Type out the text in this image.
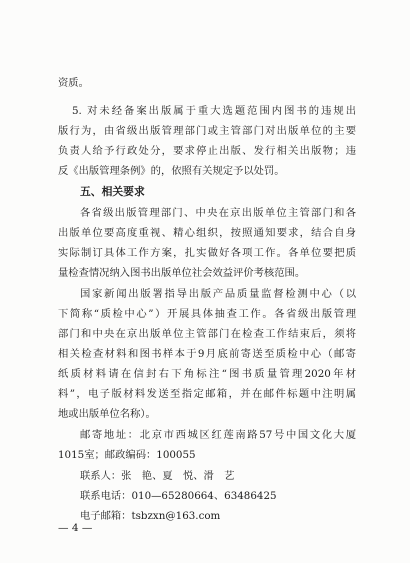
资质。
5. 对未经备案出版属于重大选题范围内图书的违规出
版行为，由省级出版管理部门或主管部门对出版单位的主要
负责人给予行政处分，要求停止出版、发行相关出版物；违
反《出版管理条例》的，依照有关规定予以处罚。
五、相关要求
各省级出版管理部门、中央在京出版单位主管部门和各
出版单位要高度重视、精心组织，按照通知要求，结合自身
实际制订具体工作方案，扎实做好各项工作。各单位要把质
量检查情况纳入图书出版单位社会效益评价考核范围。
国家新闻出版署指导出版产品质量监督检测中心（以
下简称“质检中心”）开展具体抽查工作。各省级出版管理
部门和中央在京出版单位主管部门在检查工作结束后，须将
相关检查材料和图书样本于9月底前寄送至质检中心（邮寄
纸质材料请在信封右下角标注“图书质量管理2020年材
料”，电子版材料发送至指定邮箱，并在邮件标题中注明属
地或出版单位名称）。
邮寄地址：北京市西城区红莲南路57号中国文化大厦
1015室；邮政编码：100055
联系人：张　艳、夏　悦、滑　艺
联系电话：010—65280664、63486425
电子邮箱：tsbzxn@163.com
— 4 —
